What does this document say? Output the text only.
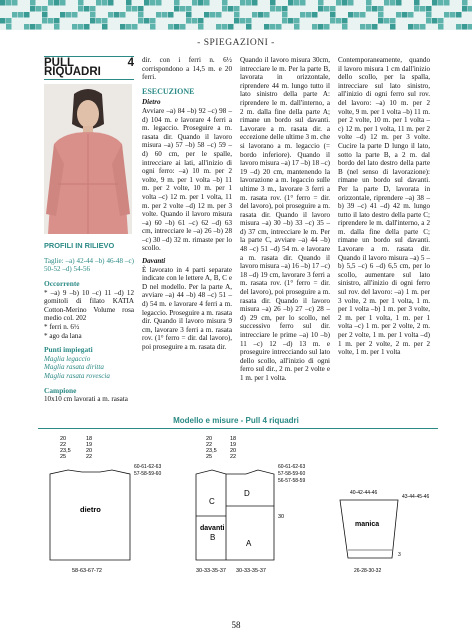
- SPIEGAZIONI -
PULL 4 RIQUADRI
PROFILI IN RILIEVO

Taglie: –a) 42-44 –b) 46-48 –c) 50-52 –d) 54-56

Occorrente

* –a) 9 –b) 10 –c) 11 –d) 12 gomitoli di filato KATIA Cotton-Merino Volume rosa medio col. 202

* ferri n. 6½

* ago da lana

Punti impiegati

Maglia legaccio

Maglia rasata diritta

Maglia rasata rovescia

Campione

10x10 cm lavorati a m. rasata

dir. con i ferri n. 6½ corrispondono a 14,5 m. e 20 ferri.

ESECUZIONE

Dietro

Avviare –a) 84 –b) 92 –c) 98 –d) 104 m. e lavorare 4 ferri a m. legaccio. Proseguire a m. rasata dir. Quando il lavoro misura –a) 57 –b) 58 –c) 59 –d) 60 cm, per le spalle, intrecciare ai lati, all'inizio di ogni ferro: –a) 10 m. per 2 volte, 9 m. per 1 volta –b) 11 m. per 2 volte, 10 m. per 1 volta –c) 12 m. per 1 volta, 11 m. per 2 volte –d) 12 m. per 3 volte. Quando il lavoro misura –a) 60 –b) 61 –c) 62 –d) 63 cm, intrecciare le –a) 26 –b) 28 –c) 30 –d) 32 m. rimaste per lo scollo.

Davanti

È lavorato in 4 parti separate indicate con le lettere A, B, C e D nel modello. Per la parte A, avviare –a) 44 –b) 48 –c) 51 –d) 54 m. e lavorare 4 ferri a m. legaccio. Proseguire a m. rasata dir. Quando il lavoro misura 9 cm, lavorare 3 ferri a m. rasata rov. (1° ferro = dir. dal lavoro), poi proseguire a m. rasata dir.

Quando il lavoro misura 30cm, intrecciare le m. Per la parte B, lavorata in orizzontale, riprendere 44 m. lungo tutto il lato sinistro della parte A: riprendere le m. dall'interno, a 2 m. dalla fine della parte A; rimane un bordo sul davanti. Lavorare a m. rasata dir. a eccezione delle ultime 3 m. che si lavorano a m. legaccio (= bordo inferiore). Quando il lavoro misura –a) 17 –b) 18 –c) 19 –d) 20 cm, mantenendo la lavorazione a m. legaccio sulle ultime 3 m., lavorare 3 ferri a m. rasata rov. (1° ferro = dir. del lavoro), poi proseguire a m. rasata dir. Quando il lavoro misura –a) 30 –b) 33 –c) 35 –d) 37 cm, intrecciare le m. Per la parte C, avviare –a) 44 –b) 48 –c) 51 –d) 54 m. e lavorare a m. rasata dir. Quando il lavoro misura –a) 16 –b) 17 –c) 18 –d) 19 cm, lavorare 3 ferri a m. rasata rov. (1° ferro = dir. del lavoro), poi proseguire a m. rasata dir. Quando il lavoro misura –a) 26 –b) 27 –c) 28 –d) 29 cm, per lo scollo, nel successivo ferro sul dir. intrecciare le prime –a) 10 –b) 11 –c) 12 –d) 13 m. e proseguire intrecciando sul lato dello scollo, all'inizio di ogni ferro sul dir., 2 m. per 2 volte e 1 m. per 1 volta.

Contemporaneamente, quando il lavoro misura 1 cm dall'inizio dello scollo, per la spalla, intrecciare sul lato sinistro, all'inizio di ogni ferro sul rov. del lavoro: –a) 10 m. per 2 volte, 9 m. per 1 volta –b) 11 m. per 2 volte, 10 m. per 1 volta –c) 12 m. per 1 volta, 11 m. per 2 volte –d) 12 m. per 3 volte. Cucire la parte D lungo il lato, sotto la parte B, a 2 m. dal bordo del lato destro della parte B (nel senso di lavorazione): rimane un bordo sul davanti. Per la parte D, lavorata in orizzontale, riprendere –a) 38 –b) 39 –c) 41 –d) 42 m. lungo tutto il lato destro della parte C; riprendere le m. dall'interno, a 2 m. dalla fine della parte C; rimane un bordo sul davanti. Lavorare a m. rasata dir. Quando il lavoro misura –a) 5 –b) 5,5 –c) 6 –d) 6,5 cm, per lo scollo, aumentare sul lato sinistro, all'inizio di ogni ferro sul rov. del lavoro: –a) 1 m. per 3 volte, 2 m. per 1 volta, 1 m. per 1 volta –b) 1 m. per 3 volte, 2 m. per 1 volta, 1 m. per 1 volta –c) 1 m. per 2 volte, 2 m. per 2 volte, 1 m. per 1 volta –d) 1 m. per 2 volte, 2 m. per 2 volte, 1 m. per 1 volta

Modello e misure - Pull 4 riquadri
20
22
23,5
25
18
19
20
22
60-61-62-63
57-58-59-60
dietro
58-63-67-72
20
22
23,5
25
18
19
20
22
60-61-62-63
57-58-59-60
56-57-58-59
30
C
D
davanti
B
A
30-33-35-37 30-33-35-37
40-42-44-46
43-44-45-46
3
manica
26-28-30-32
58
